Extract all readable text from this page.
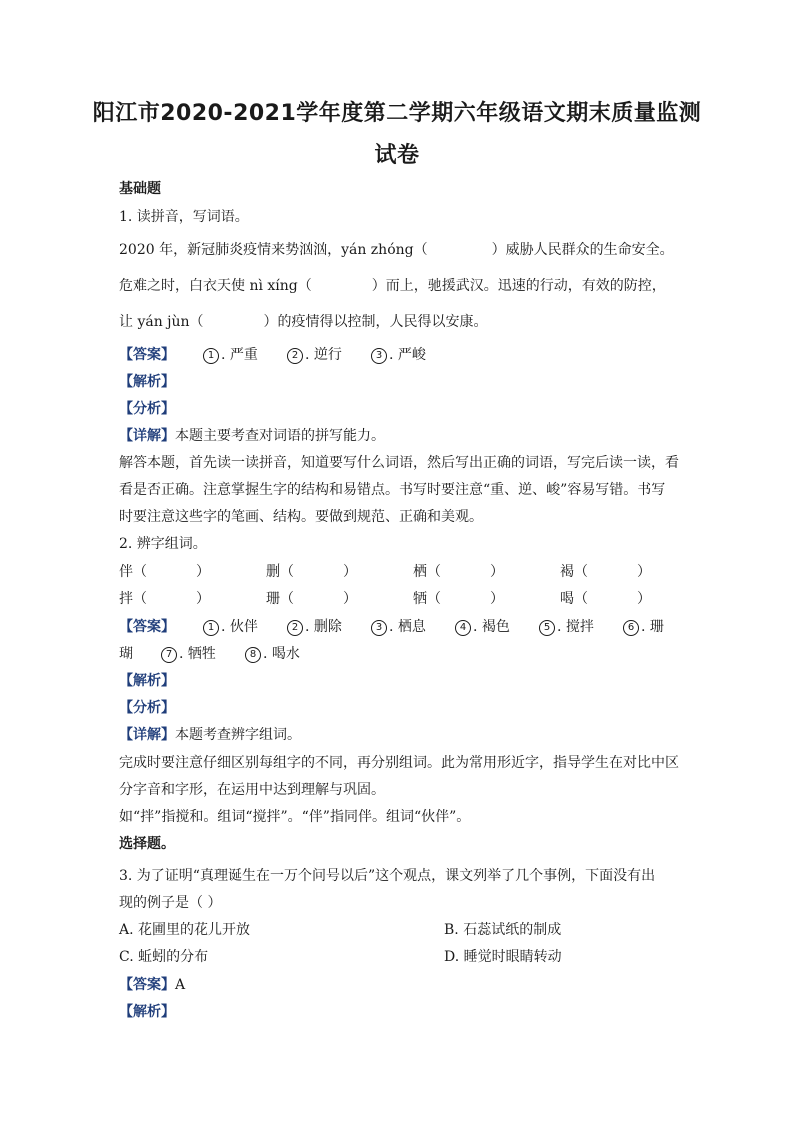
阳江市2020-2021学年度第二学期六年级语文期末质量监测
试卷
基础题
1. 读拼音，写词语。
2020 年，新冠肺炎疫情来势汹汹，yán zhóng（	）威胁人民群众的生命安全。
危难之时，白衣天使 nì xíng（	）而上，驰援武汉。迅速的行动，有效的防控，
让 yán jùn（	）的疫情得以控制，人民得以安康。
【答案】	1 . 严重	2 . 逆行	3 . 严峻
【解析】
【分析】
【详解】本题主要考查对词语的拼写能力。
解答本题，首先读一读拼音，知道要写什么词语，然后写出正确的词语，写完后读一读，看
看是否正确。注意掌握生字的结构和易错点。书写时要注意“重、逆、峻”容易写错。书写
时要注意这些字的笔画、结构。要做到规范、正确和美观。
2. 辨字组词。
伴（	）	删（	）	栖（	）	褐（	）
拌（	）	珊（	）	牺（	）	喝（	）
【答案】	1 . 伙伴	2 . 删除	3 . 栖息	4 . 褐色	5 . 搅拌	6 . 珊
瑚	7 . 牺牲	8 . 喝水
【解析】
【分析】
【详解】本题考查辨字组词。
完成时要注意仔细区别每组字的不同，再分别组词。此为常用形近字，指导学生在对比中区
分字音和字形，在运用中达到理解与巩固。
如“拌”指搅和。组词“搅拌”。“伴”指同伴。组词“伙伴”。
选择题。
3. 为了证明“真理诞生在一万个问号以后”这个观点，课文列举了几个事例，下面没有出
现的例子是（ ）
A. 花圃里的花儿开放	B. 石蕊试纸的制成
C. 蚯蚓的分布	D. 睡觉时眼睛转动
【答案】A
【解析】
